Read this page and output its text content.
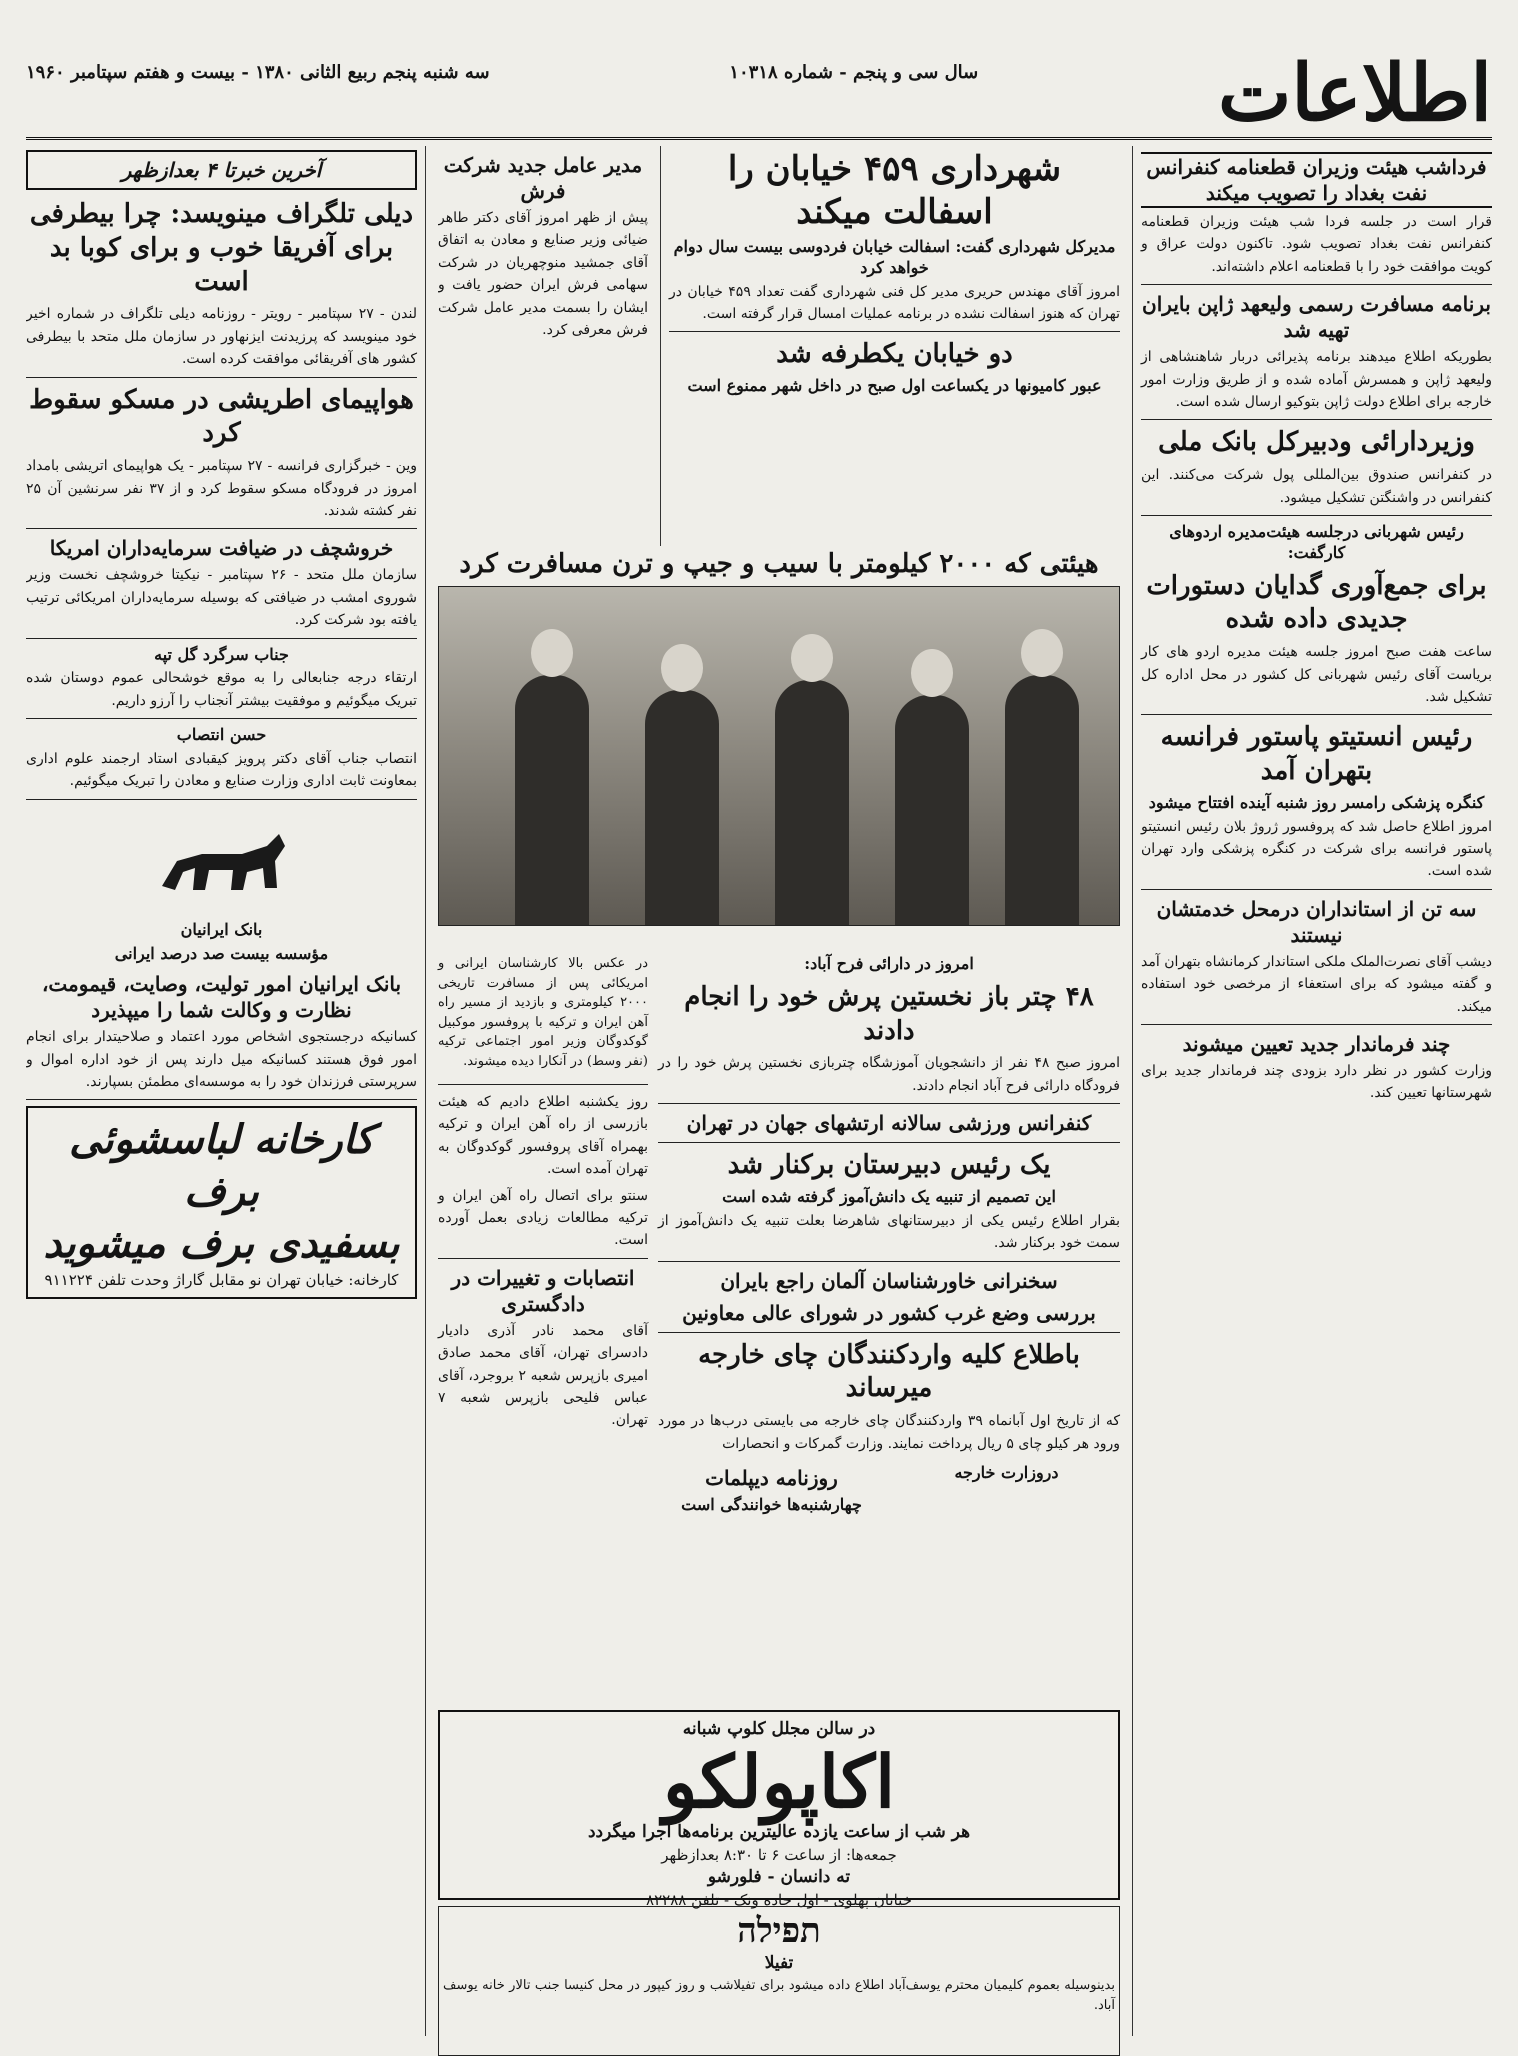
اطلاعات
سال سی و پنجم - شماره ۱۰۳۱۸
سه شنبه پنجم ربیع الثانی ۱۳۸۰ - بیست و هفتم سپتامبر ۱۹۶۰
فرداشب هیئت وزیران قطعنامه کنفرانس نفت بغداد را تصویب میکند

قرار است در جلسه فردا شب هیئت وزیران قطعنامه کنفرانس نفت بغداد تصویب شود. تاکنون دولت عراق و کویت موافقت خود را با قطعنامه اعلام داشته‌اند.

برنامه مسافرت رسمی ولیعهد ژاپن بایران تهیه شد

بطوریکه اطلاع میدهند برنامه پذیرائی دربار شاهنشاهی از ولیعهد ژاپن و همسرش آماده شده و از طریق وزارت امور خارجه برای اطلاع دولت ژاپن بتوکیو ارسال شده است.

وزیردارائی ودبیرکل بانک ملی

در کنفرانس صندوق بین‌المللی پول شرکت می‌کنند. این کنفرانس در واشنگتن تشکیل میشود.

رئیس شهربانی درجلسه هیئت‌مدیره اردوهای کارگفت:
برای جمع‌آوری گدایان دستورات جدیدی داده شده

ساعت هفت صبح امروز جلسه هیئت مدیره اردو های کار بریاست آقای رئیس شهربانی کل کشور در محل اداره کل تشکیل شد.

رئیس انستیتو پاستور فرانسه بتهران آمد
کنگره پزشکی رامسر روز شنبه آینده افتتاح میشود

امروز اطلاع حاصل شد که پروفسور ژروژ بلان رئیس انستیتو پاستور فرانسه برای شرکت در کنگره پزشکی وارد تهران شده است.

سه تن از استانداران درمحل خدمتشان نیستند

دیشب آقای نصرت‌الملک ملکی استاندار کرمانشاه بتهران آمد و گفته میشود که برای استعفاء از مرخصی خود استفاده میکند.

چند فرماندار جدید تعیین میشوند

وزارت کشور در نظر دارد بزودی چند فرماندار جدید برای شهرستانها تعیین کند.

شهرداری ۴۵۹ خیابان را اسفالت میکند
مدیرکل شهرداری گفت: اسفالت خیابان فردوسی بیست سال دوام خواهد کرد

امروز آقای مهندس حریری مدیر کل فنی شهرداری گفت تعداد ۴۵۹ خیابان در تهران که هنوز اسفالت نشده در برنامه عملیات امسال قرار گرفته است.

دو خیابان یکطرفه شد
عبور کامیونها در یکساعت اول صبح در داخل شهر ممنوع است
مدیر عامل جدید شرکت فرش

پیش از ظهر امروز آقای دکتر طاهر ضیائی وزیر صنایع و معادن به اتفاق آقای جمشید منوچهریان در شرکت سهامی فرش ایران حضور یافت و ایشان را بسمت مدیر عامل شرکت فرش معرفی کرد.

هیئتی که ۲۰۰۰ کیلومتر با سیب و جیپ و ترن مسافرت کرد

در عکس بالا کارشناسان ایرانی و امریکائی پس از مسافرت تاریخی ۲۰۰۰ کیلومتری و بازدید از مسیر راه آهن ایران و ترکیه با پروفسور موکبیل گوکدوگان وزیر امور اجتماعی ترکیه (نفر وسط) در آنکارا دیده میشوند.

روز یکشنبه اطلاع دادیم که هیئت بازرسی از راه آهن ایران و ترکیه بهمراه آقای پروفسور گوکدوگان به تهران آمده است.

سنتو برای اتصال راه آهن ایران و ترکیه مطالعات زیادی بعمل آورده است.

انتصابات و تغییرات در دادگستری

آقای محمد نادر آذری دادیار دادسرای تهران، آقای محمد صادق امیری بازپرس شعبه ۲ بروجرد، آقای عباس فلیحی بازپرس شعبه ۷ تهران.

امروز در دارائی فرح آباد:
۴۸ چتر باز نخستین پرش خود را انجام دادند

امروز صبح ۴۸ نفر از دانشجویان آموزشگاه چتربازی نخستین پرش خود را در فرودگاه دارائی فرح آباد انجام دادند.

کنفرانس ورزشی سالانه ارتشهای جهان در تهران
یک رئیس دبیرستان برکنار شد
این تصمیم از تنبیه یک دانش‌آموز گرفته شده است

بقرار اطلاع رئیس یکی از دبیرستانهای شاهرضا بعلت تنبیه یک دانش‌آموز از سمت خود برکنار شد.

سخنرانی خاورشناسان آلمان راجع بایران
بررسی وضع غرب کشور در شورای عالی معاونین
باطلاع کلیه واردکنندگان چای خارجه میرساند

که از تاریخ اول آبانماه ۳۹ واردکنندگان چای خارجه می بایستی درب‌ها در مورد ورود هر کیلو چای ۵ ریال پرداخت نمایند. وزارت گمرکات و انحصارات

دروزارت خارجه
روزنامه دیپلمات
چهارشنبه‌ها خوانندگی است
در سالن مجلل کلوپ شبانه
اکاپولکو
هر شب از ساعت یازده عالیترین برنامه‌ها اجرا میگردد
جمعه‌ها: از ساعت ۶ تا ۸:۳۰ بعدازظهر
ته دانسان - فلورشو
خیابان پهلوی - اول جاده ونک - تلفن ۸۲۲۸۸
תפילה
تفیلا

بدینوسیله بعموم کلیمیان محترم یوسف‌آباد اطلاع داده میشود برای تفیلاشب و روز کیپور در محل کنیسا جنب تالار خانه یوسف آباد.

آخرین خبرتا ۴ بعدازظهر
دیلی تلگراف مینویسد: چرا بیطرفی برای آفریقا خوب و برای کوبا بد است

لندن - ۲۷ سپتامبر - رویتر - روزنامه دیلی تلگراف در شماره اخیر خود مینویسد که پرزیدنت ایزنهاور در سازمان ملل متحد با بیطرفی کشور های آفریقائی موافقت کرده است.

هواپیمای اطریشی در مسکو سقوط کرد

وین - خبرگزاری فرانسه - ۲۷ سپتامبر - یک هواپیمای اتریشی بامداد امروز در فرودگاه مسکو سقوط کرد و از ۳۷ نفر سرنشین آن ۲۵ نفر کشته شدند.

خروشچف در ضیافت سرمایه‌داران امریکا

سازمان ملل متحد - ۲۶ سپتامبر - نیکیتا خروشچف نخست وزیر شوروی امشب در ضیافتی که بوسیله سرمایه‌داران امریکائی ترتیب یافته بود شرکت کرد.

جناب سرگرد گل تپه

ارتقاء درجه جنابعالی را به موقع خوشحالی عموم دوستان شده تبریک میگوئیم و موفقیت بیشتر آنجناب را آرزو داریم.

حسن انتصاب

انتصاب جناب آقای دکتر پرویز کیقبادی استاد ارجمند علوم اداری بمعاونت ثابت اداری وزارت صنایع و معادن را تبریک میگوئیم.

بانک ایرانیان
مؤسسه بیست صد درصد ایرانی
بانک ایرانیان امور تولیت، وصایت، قیمومت، نظارت و وکالت شما را میپذیرد

کسانیکه درجستجوی اشخاص مورد اعتماد و صلاحیتدار برای انجام امور فوق هستند کسانیکه میل دارند پس از خود اداره اموال و سرپرستی فرزندان خود را به موسسه‌ای مطمئن بسپارند.

کارخانه لباسشوئی برف
بسفیدی برف میشوید
کارخانه: خیابان تهران نو مقابل گاراژ وحدت تلفن ۹۱۱۲۲۴
